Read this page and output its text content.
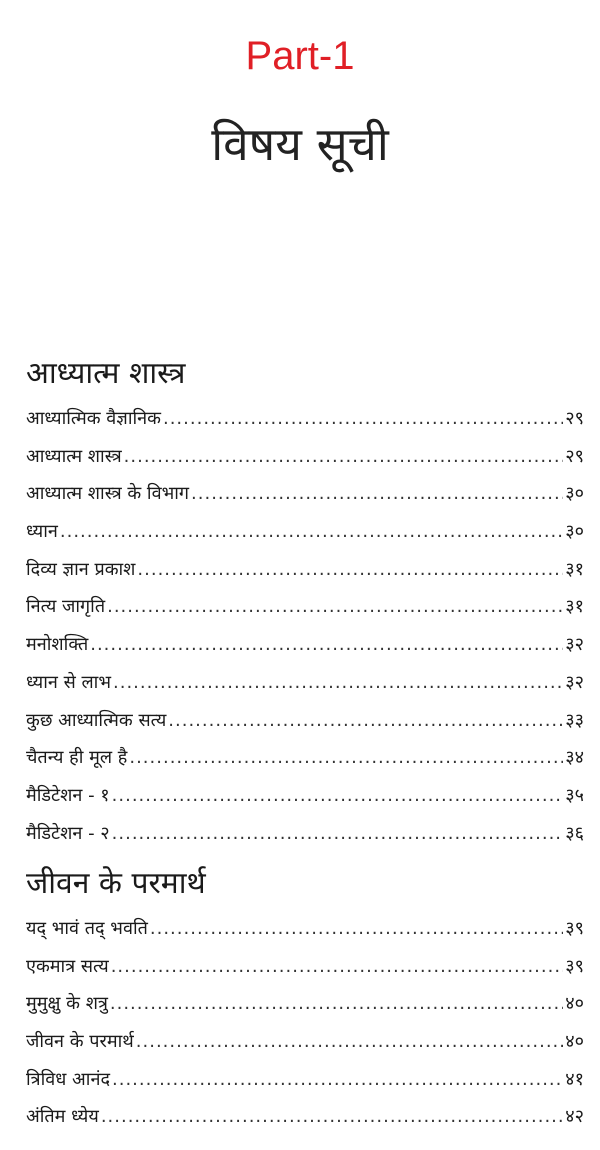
Part-1
विषय सूची
आध्यात्म शास्त्र
आध्यात्मिक वैज्ञानिक .....	२९
आध्यात्म शास्त्र .....	२९
आध्यात्म शास्त्र के विभाग .....	३०
ध्यान .....	३०
दिव्य ज्ञान प्रकाश .....	३१
नित्य जागृति .....	३१
मनोशक्ति .....	३२
ध्यान से लाभ .....	३२
कुछ आध्यात्मिक सत्य .....	३३
चैतन्य ही मूल है .....	३४
मैडिटेशन - १ .....	३५
मैडिटेशन - २ .....	३६
जीवन के परमार्थ
यद् भावं तद् भवति .....	३९
एकमात्र सत्य .....	३९
मुमुक्षु के शत्रु .....	४०
जीवन के परमार्थ .....	४०
त्रिविध आनंद .....	४१
अंतिम ध्येय .....	४२
